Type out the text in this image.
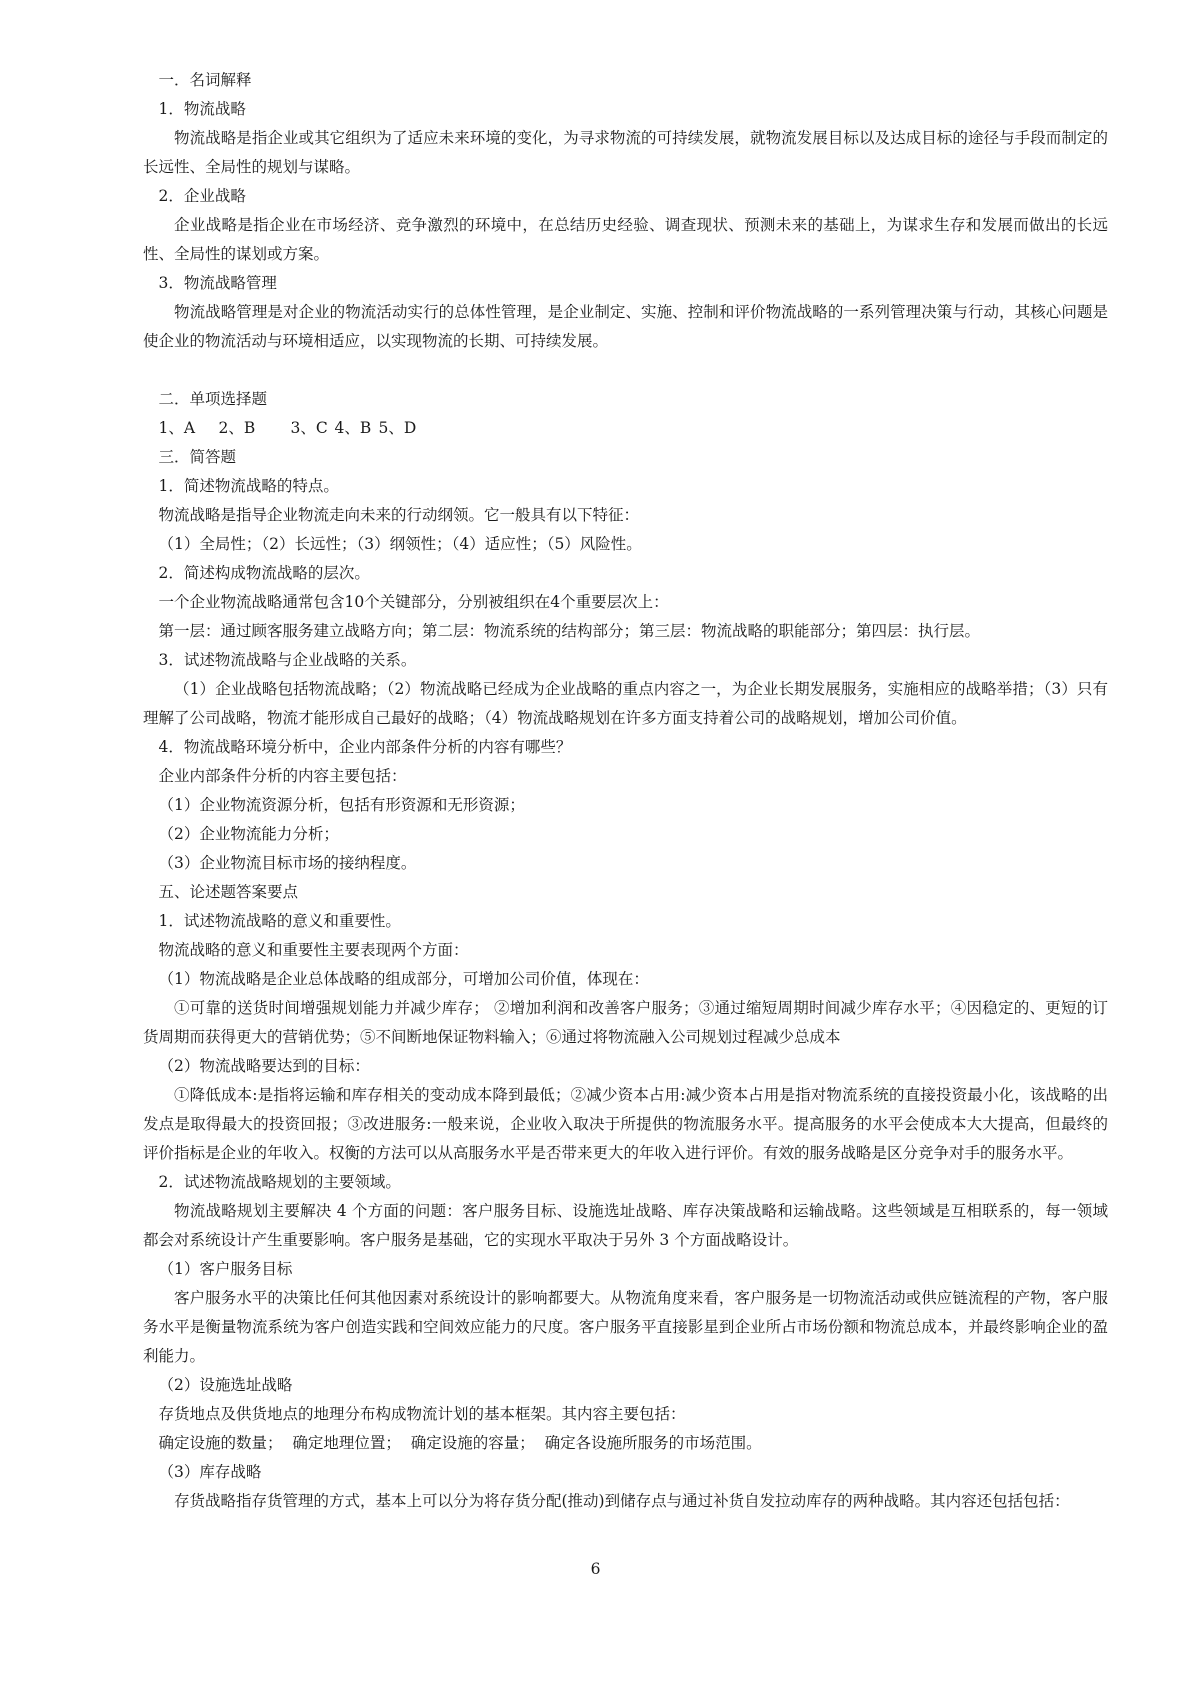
一．名词解释
1．物流战略
物流战略是指企业或其它组织为了适应未来环境的变化，为寻求物流的可持续发展，就物流发展目标以及达成目标的途径与手段而制定的长远性、全局性的规划与谋略。
2．企业战略
企业战略是指企业在市场经济、竞争激烈的环境中，在总结历史经验、调查现状、预测未来的基础上，为谋求生存和发展而做出的长远性、全局性的谋划或方案。
3．物流战略管理
物流战略管理是对企业的物流活动实行的总体性管理，是企业制定、实施、控制和评价物流战略的一系列管理决策与行动，其核心问题是使企业的物流活动与环境相适应，以实现物流的长期、可持续发展。
二．单项选择题
1、A 2、B 3、C 4、B 5、D
三．简答题
1．简述物流战略的特点。
物流战略是指导企业物流走向未来的行动纲领。它一般具有以下特征：
（1）全局性；（2）长远性；（3）纲领性；（4）适应性；（5）风险性。
2．简述构成物流战略的层次。
一个企业物流战略通常包含10个关键部分，分别被组织在4个重要层次上：
第一层：通过顾客服务建立战略方向；第二层：物流系统的结构部分；第三层：物流战略的职能部分；第四层：执行层。
3．试述物流战略与企业战略的关系。
（1）企业战略包括物流战略；（2）物流战略已经成为企业战略的重点内容之一，为企业长期发展服务，实施相应的战略举措；（3）只有理解了公司战略，物流才能形成自己最好的战略；（4）物流战略规划在许多方面支持着公司的战略规划，增加公司价值。
4．物流战略环境分析中，企业内部条件分析的内容有哪些？
企业内部条件分析的内容主要包括：
（1）企业物流资源分析，包括有形资源和无形资源；
（2）企业物流能力分析；
（3）企业物流目标市场的接纳程度。
五、论述题答案要点
1．试述物流战略的意义和重要性。
物流战略的意义和重要性主要表现两个方面：
（1）物流战略是企业总体战略的组成部分，可增加公司价值，体现在：
①可靠的送货时间增强规划能力并减少库存； ②增加利润和改善客户服务；③通过缩短周期时间减少库存水平；④因稳定的、更短的订货周期而获得更大的营销优势；⑤不间断地保证物料输入；⑥通过将物流融入公司规划过程减少总成本
（2）物流战略要达到的目标：
①降低成本:是指将运输和库存相关的变动成本降到最低；②减少资本占用:减少资本占用是指对物流系统的直接投资最小化，该战略的出发点是取得最大的投资回报；③改进服务:一般来说，企业收入取决于所提供的物流服务水平。提高服务的水平会使成本大大提高，但最终的评价指标是企业的年收入。权衡的方法可以从高服务水平是否带来更大的年收入进行评价。有效的服务战略是区分竞争对手的服务水平。
2．试述物流战略规划的主要领域。
物流战略规划主要解决 4 个方面的问题：客户服务目标、设施选址战略、库存决策战略和运输战略。这些领域是互相联系的，每一领域都会对系统设计产生重要影响。客户服务是基础，它的实现水平取决于另外 3 个方面战略设计。
（1）客户服务目标
客户服务水平的决策比任何其他因素对系统设计的影响都要大。从物流角度来看，客户服务是一切物流活动或供应链流程的产物，客户服务水平是衡量物流系统为客户创造实践和空间效应能力的尺度。客户服务平直接影星到企业所占市场份额和物流总成本，并最终影响企业的盈利能力。
（2）设施选址战略
存货地点及供货地点的地理分布构成物流计划的基本框架。其内容主要包括：
确定设施的数量；  确定地理位置；  确定设施的容量；  确定各设施所服务的市场范围。
（3）库存战略
存货战略指存货管理的方式，基本上可以分为将存货分配(推动)到储存点与通过补货自发拉动库存的两种战略。其内容还包括包括：
6
